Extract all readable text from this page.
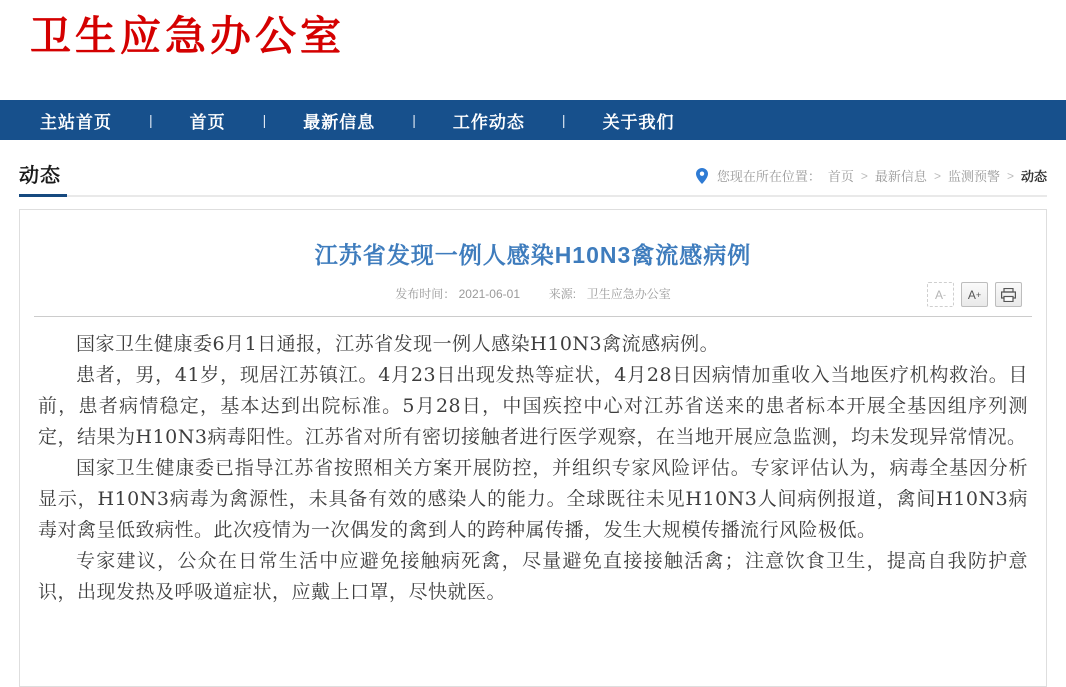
卫生应急办公室
主站首页	| 首页	| 最新信息	| 工作动态	| 关于我们
动态	您现在所在位置： 首页 > 最新信息 > 监测预警 > 动态
江苏省发现一例人感染H10N3禽流感病例
发布时间： 2021-06-01 来源: 卫生应急办公室	A - A +

国家卫生健康委6月1日通报，江苏省发现一例人感染H10N3禽流感病例。

患者，男，41岁，现居江苏镇江。4月23日出现发热等症状，4月28日因病情加重收入当地医疗机构救治。目前，患者病情稳定，基本达到出院标准。5月28日，中国疾控中心对江苏省送来的患者标本开展全基因组序列测定，结果为H10N3病毒阳性。江苏省对所有密切接触者进行医学观察，在当地开展应急监测，均未发现异常情况。

国家卫生健康委已指导江苏省按照相关方案开展防控，并组织专家风险评估。专家评估认为，病毒全基因分析显示，H10N3病毒为禽源性，未具备有效的感染人的能力。全球既往未见H10N3人间病例报道，禽间H10N3病毒对禽呈低致病性。此次疫情为一次偶发的禽到人的跨种属传播，发生大规模传播流行风险极低。

专家建议，公众在日常生活中应避免接触病死禽，尽量避免直接接触活禽；注意饮食卫生，提高自我防护意识，出现发热及呼吸道症状，应戴上口罩，尽快就医。
